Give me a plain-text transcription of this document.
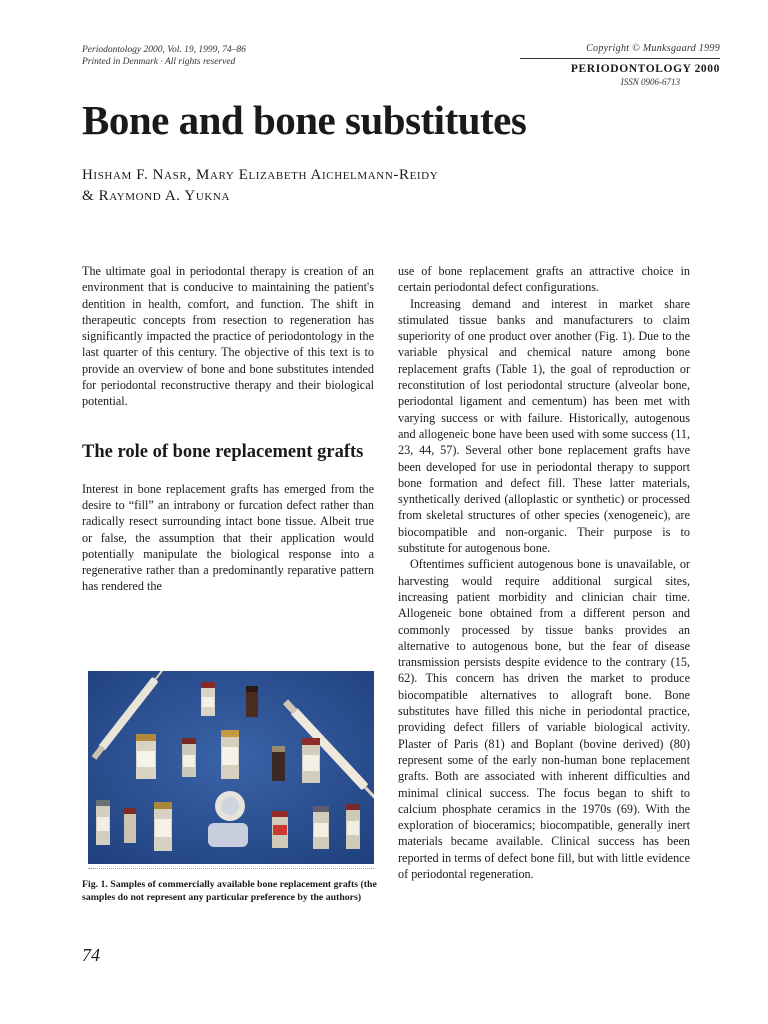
Periodontology 2000, Vol. 19, 1999, 74–86
Printed in Denmark · All rights reserved
Copyright © Munksgaard 1999
PERIODONTOLOGY 2000
ISSN 0906-6713
Bone and bone substitutes
Hisham F. Nasr, Mary Elizabeth Aichelmann-Reidy
& Raymond A. Yukna

The ultimate goal in periodontal therapy is creation of an environment that is conducive to maintaining the patient's dentition in health, comfort, and function. The shift in therapeutic concepts from resection to regeneration has significantly impacted the practice of periodontology in the last quarter of this century. The objective of this text is to provide an overview of bone and bone substitutes intended for periodontal reconstructive therapy and their biological potential.

The role of bone replacement grafts

Interest in bone replacement grafts has emerged from the desire to “fill” an intrabony or furcation defect rather than radically resect surrounding intact bone tissue. Albeit true or false, the assumption that their application would potentially manipulate the biological response into a regenerative rather than a predominantly reparative pattern has rendered the

Fig. 1. Samples of commercially available bone replacement grafts (the samples do not represent any particular preference by the authors)

use of bone replacement grafts an attractive choice in certain periodontal defect configurations.

Increasing demand and interest in market share stimulated tissue banks and manufacturers to claim superiority of one product over another (Fig. 1). Due to the variable physical and chemical nature among bone replacement grafts (Table 1), the goal of reproduction or reconstitution of lost periodontal structure (alveolar bone, periodontal ligament and cementum) has been met with varying success or with failure. Historically, autogenous and allogeneic bone have been used with some success (11, 23, 44, 57). Several other bone replacement grafts have been developed for use in periodontal therapy to support bone formation and defect fill. These latter materials, synthetically derived (alloplastic or synthetic) or processed from skeletal structures of other species (xenogeneic), are biocompatible and non-organic. Their purpose is to substitute for autogenous bone.

Oftentimes sufficient autogenous bone is unavailable, or harvesting would require additional surgical sites, increasing patient morbidity and clinician chair time. Allogeneic bone obtained from a different person and commonly processed by tissue banks provides an alternative to autogenous bone, but the fear of disease transmission persists despite evidence to the contrary (15, 62). This concern has driven the market to produce biocompatible alternatives to allograft bone. Bone substitutes have filled this niche in periodontal practice, providing defect fillers of variable biological activity. Plaster of Paris (81) and Boplant (bovine derived) (80) represent some of the early non-human bone replacement grafts. Both are associated with inherent difficulties and minimal clinical success. The focus began to shift to calcium phosphate ceramics in the 1970s (69). With the exploration of bioceramics; biocompatible, generally inert materials became available. Clinical success has been reported in terms of defect bone fill, but with little evidence of periodontal regeneration.

74
